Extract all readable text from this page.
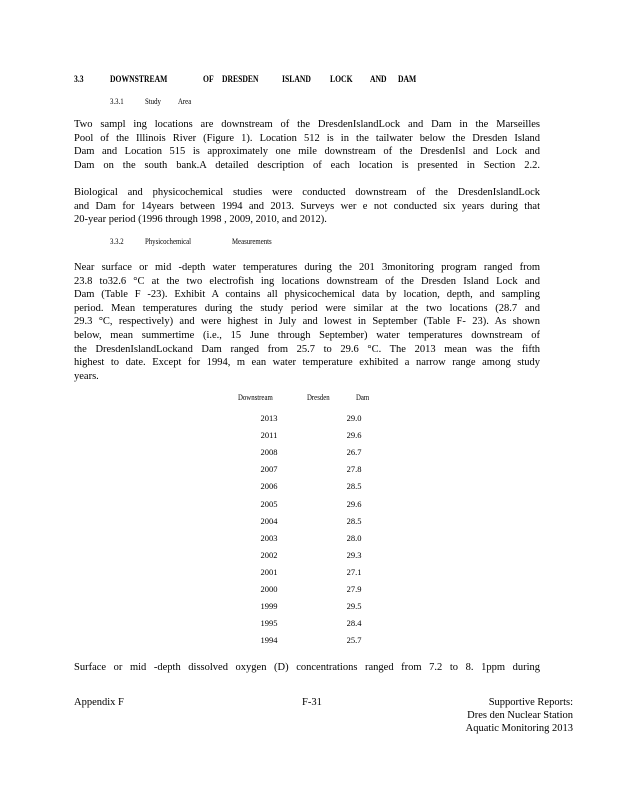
3.3	DOWNSTREAM	OF DRESDEN	ISLAND LOCK AND DAM
3.3.1	Study Area
Two sampl ing locations are downstream of the DresdenIslandLock and Dam in the Marseilles
Pool of the Illinois River (Figure 1). Location 512 is in the tailwater below the Dresden Island
Dam and Location 515 is approximately one mile downstream of the DresdenIsl and Lock and
Dam on the south bank.A detailed description of each location is presented in Section 2.2.
Biological and physicochemical studies were conducted downstream of the DresdenIslandLock
and Dam for 14years between 1994 and 2013. Surveys wer e not conducted six years during that
20-year period (1996 through 1998 , 2009, 2010, and 2012).
3.3.2	Physicochemical	Measurements
Near surface or mid -depth water temperatures during the 201 3monitoring program ranged from
23.8 to32.6 °C at the two electrofish ing locations downstream of the Dresden Island Lock and
Dam (Table F -23). Exhibit A contains all physicochemical data by location, depth, and sampling
period. Mean temperatures during the study period were similar at the two locations (28.7 and
29.3 °C, respectively) and were highest in July and lowest in September (Table F- 23). As shown
below, mean summertime (i.e., 15 June through September) water temperatures downstream of
the DresdenIslandLockand Dam ranged from 25.7 to 29.6 °C. The 2013 mean was the fifth
highest to date. Except for 1994, m ean water temperature exhibited a narrow range among study
years.
Downstream	Dresden	Dam
2013	29.0
2011	29.6
2008	26.7
2007	27.8
2006	28.5
2005	29.6
2004	28.5
2003	28.0
2002	29.3
2001	27.1
2000	27.9
1999	29.5
1995	28.4
1994	25.7
Surface or mid -depth dissolved oxygen (D) concentrations ranged from 7.2 to 8. 1ppm during
Appendix F	F-31	Supportive Reports:
Dres den Nuclear Station
Aquatic Monitoring 2013
